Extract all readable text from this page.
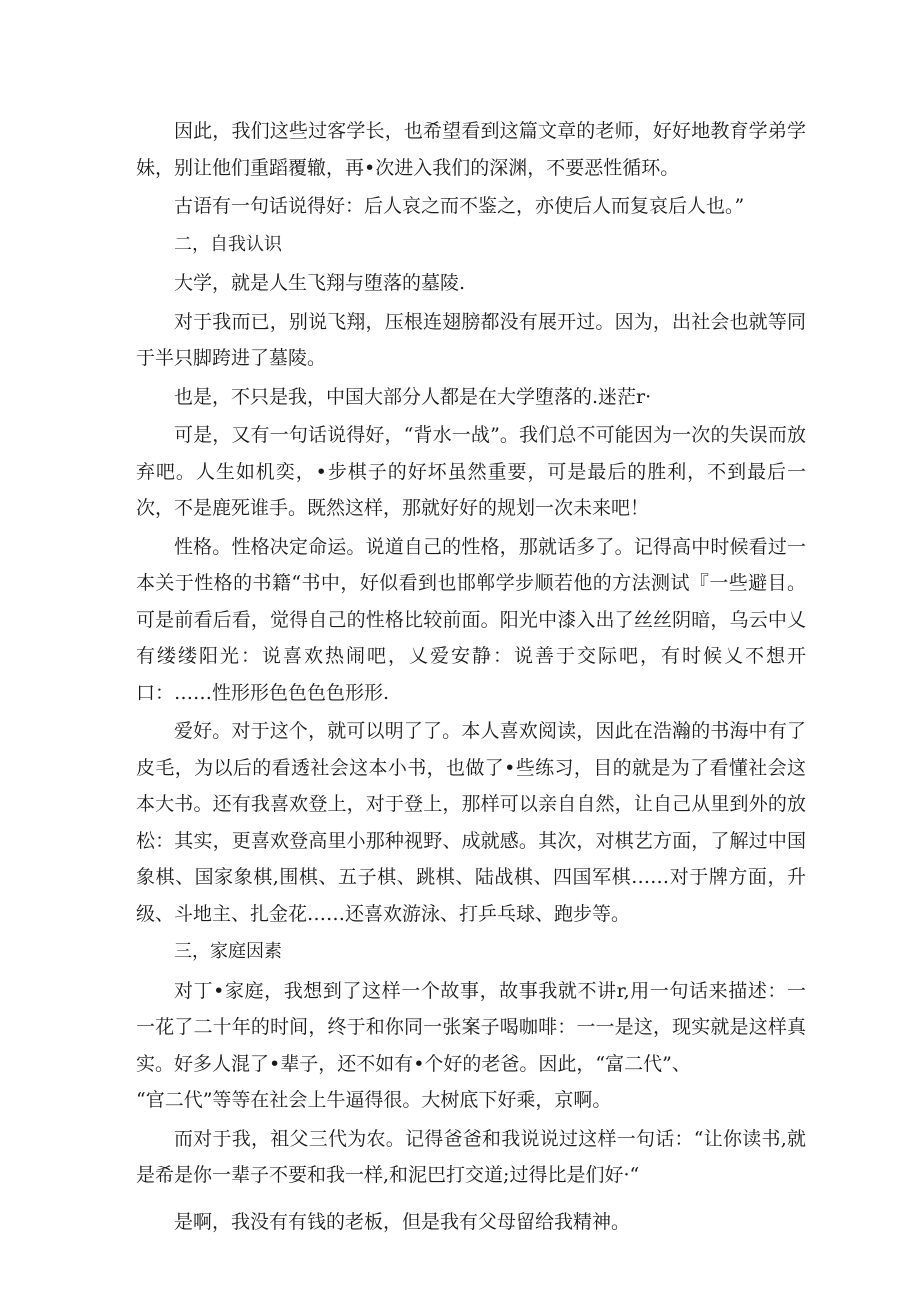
因此，我们这些过客学长，也希望看到这篇文章的老师，好好地教育学弟学妹，别让他们重蹈覆辙，再•次进入我们的深渊，不要恶性循环。

古语有一句话说得好：后人哀之而不鉴之，亦使后人而复哀后人也。”

二，自我认识

大学，就是人生飞翔与堕落的墓陵.

对于我而已，别说飞翔，压根连翅膀都没有展开过。因为，出社会也就等同于半只脚跨进了墓陵。

也是，不只是我，中国大部分人都是在大学堕落的.迷茫r·

可是，又有一句话说得好，“背水一战”。我们总不可能因为一次的失误而放弃吧。人生如机奕，•步棋子的好坏虽然重要，可是最后的胜利，不到最后一次，不是鹿死谁手。既然这样，那就好好的规划一次未来吧！

性格。性格决定命运。说道自己的性格，那就话多了。记得高中时候看过一本关于性格的书籍“书中，好似看到也邯郸学步顺若他的方法测试『一些避目。可是前看后看，觉得自己的性格比较前面。阳光中漆入出了丝丝阴暗，乌云中乂有缕缕阳光：说喜欢热闹吧，乂爱安静：说善于交际吧，有时候乂不想开口：……性形形色色色色形形.

爱好。对于这个，就可以明了了。本人喜欢阅读，因此在浩瀚的书海中有了皮毛，为以后的看透社会这本小书，也做了•些练习，目的就是为了看懂社会这本大书。还有我喜欢登上，对于登上，那样可以亲自自然，让自己从里到外的放松：其实，更喜欢登高里小那种视野、成就感。其次，对棋艺方面，了解过中国象棋、国家象棋,围棋、五子棋、跳棋、陆战棋、四国军棋……对于牌方面，升级、斗地主、扎金花……还喜欢游泳、打乒乓球、跑步等。

三，家庭因素

对丁•家庭，我想到了这样一个故事，故事我就不讲r,用一句话来描述：一一花了二十年的时间，终于和你同一张案子喝咖啡：一一是这，现实就是这样真实。好多人混了•辈子，还不如有•个好的老爸。因此，“富二代”、

“官二代”等等在社会上牛逼得很。大树底下好乘，京啊。

而对于我，祖父三代为农。记得爸爸和我说说过这样一句话：“让你读书,就是希是你一辈子不要和我一样,和泥巴打交道;过得比是们好·“

是啊，我没有有钱的老板，但是我有父母留给我精神。
